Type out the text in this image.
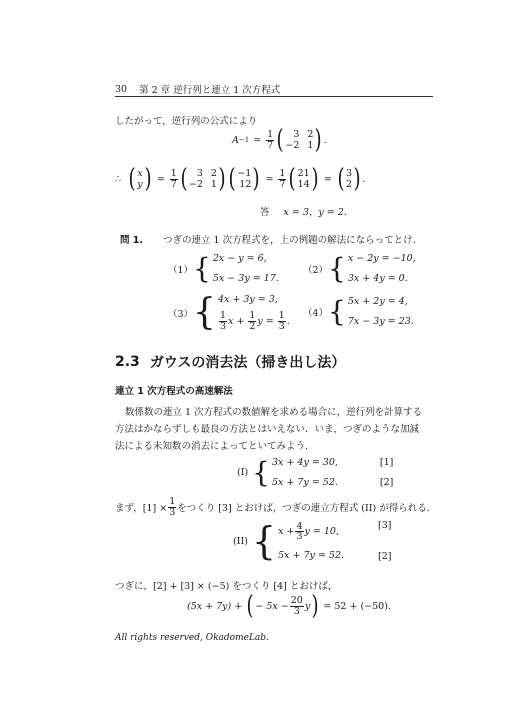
30 第 2 章 逆行列と連立 1 次方程式
したがって，逆行列の公式により
$A -1 = \frac{1}{7}$ ( 3 2
−2 1 ) .
∴ ( x
y ) = $\frac{1}{7}$ ( 3 2
−2 1 ) ( −1
12 ) = $\frac{1}{7}$ ( 21
14 ) = ( 3
2 ) .
答 x = 3，y = 2.
問 1. つぎの連立 1 次方程式を，上の例題の解法にならってとけ.
（1） { 2x − y = 6,
5x − 3y = 17.
（2） { x − 2y = −10,
3x + 4y = 0.
（3） { 4x + 3y = 3,
$\frac{1}{3}$ $x + \frac{1}{2}$ $y = \frac{1}{3}$ .
（4） { 5x + 2y = 4,
7x − 3y = 23.
2.3 ガウスの消去法（掃き出し法）
連立 1 次方程式の高速解法
数係数の連立 1 次方程式の数値解を求める場合に，逆行列を計算する
方法はかならずしも最良の方法とはいえない．いま，つぎのような加減
法による未知数の消去によってといてみよう．
(I) { 3x + 4y = 30,
5x + 7y = 52.
[1]
[2]
まず，$[1] \times \frac{1}{3}$ をつくり [3] とおけば，つぎの連立方程式 (II) が得られる.
(II) { $x + \frac{4}{3}$ y = 10,
5x + 7y = 52.
[3]
[2]
つぎに，[2] + [3] × (−5) をつくり [4] とおけば，
(5x + 7y) + ( − $5x - \frac{20}{3}$ y ) = 52 + (−50).
All rights reserved, OkadomeLab.
